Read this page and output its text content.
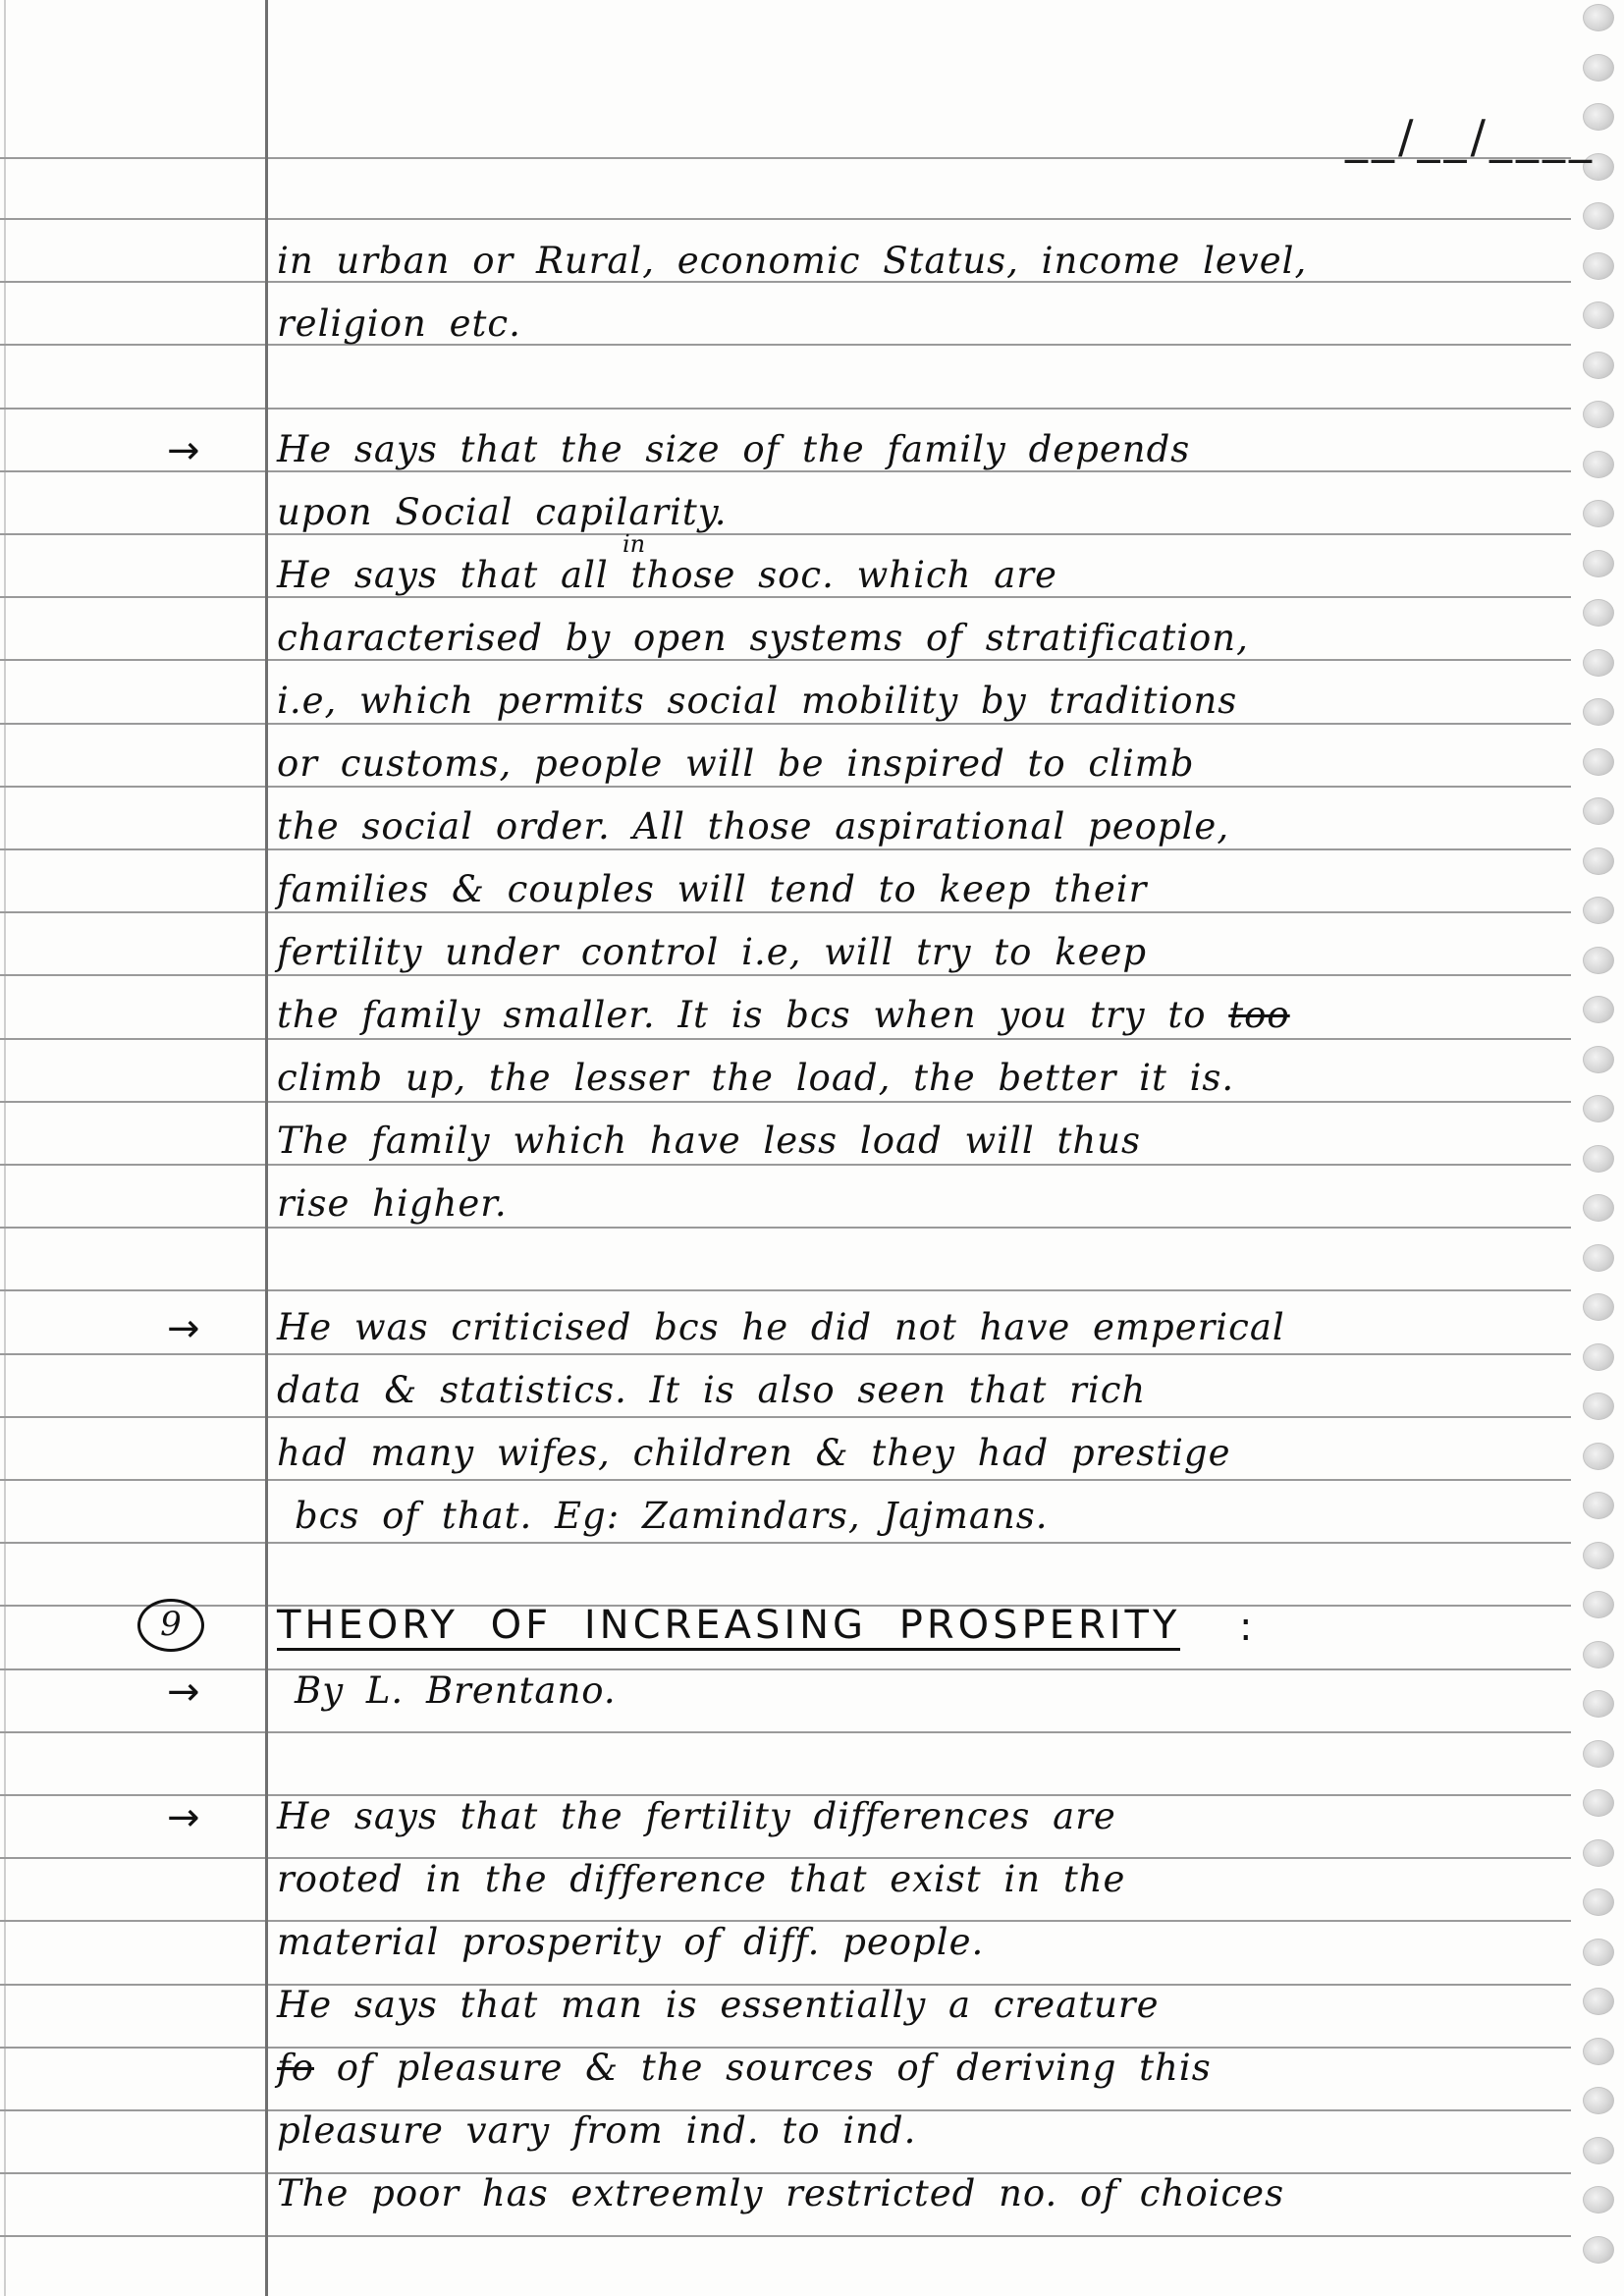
__/__/____
in urban or Rural, economic Status, income level,
religion etc.
→ He says that the size of the family depends
upon Social capilarity.
in
He says that all those soc. which are
characterised by open systems of stratification,
i.e, which permits social mobility by traditions
or customs, people will be inspired to climb
the social order. All those aspirational people,
families & couples will tend to keep their
fertility under control i.e, will try to keep
the family smaller. It is bcs when you try to too
climb up, the lesser the load, the better it is.
The family which have less load will thus
rise higher.
→ He was criticised bcs he did not have emperical
data & statistics. It is also seen that rich
had many wifes, children & they had prestige
bcs of that. Eg: Zamindars, Jajmans.
9	THEORY OF INCREASING PROSPERITY :
→	By L. Brentano.
→ He says that the fertility differences are
rooted in the difference that exist in the
material prosperity of diff. people.
He says that man is essentially a creature
fo of pleasure & the sources of deriving this
pleasure vary from ind. to ind.
The poor has extreemly restricted no. of choices
